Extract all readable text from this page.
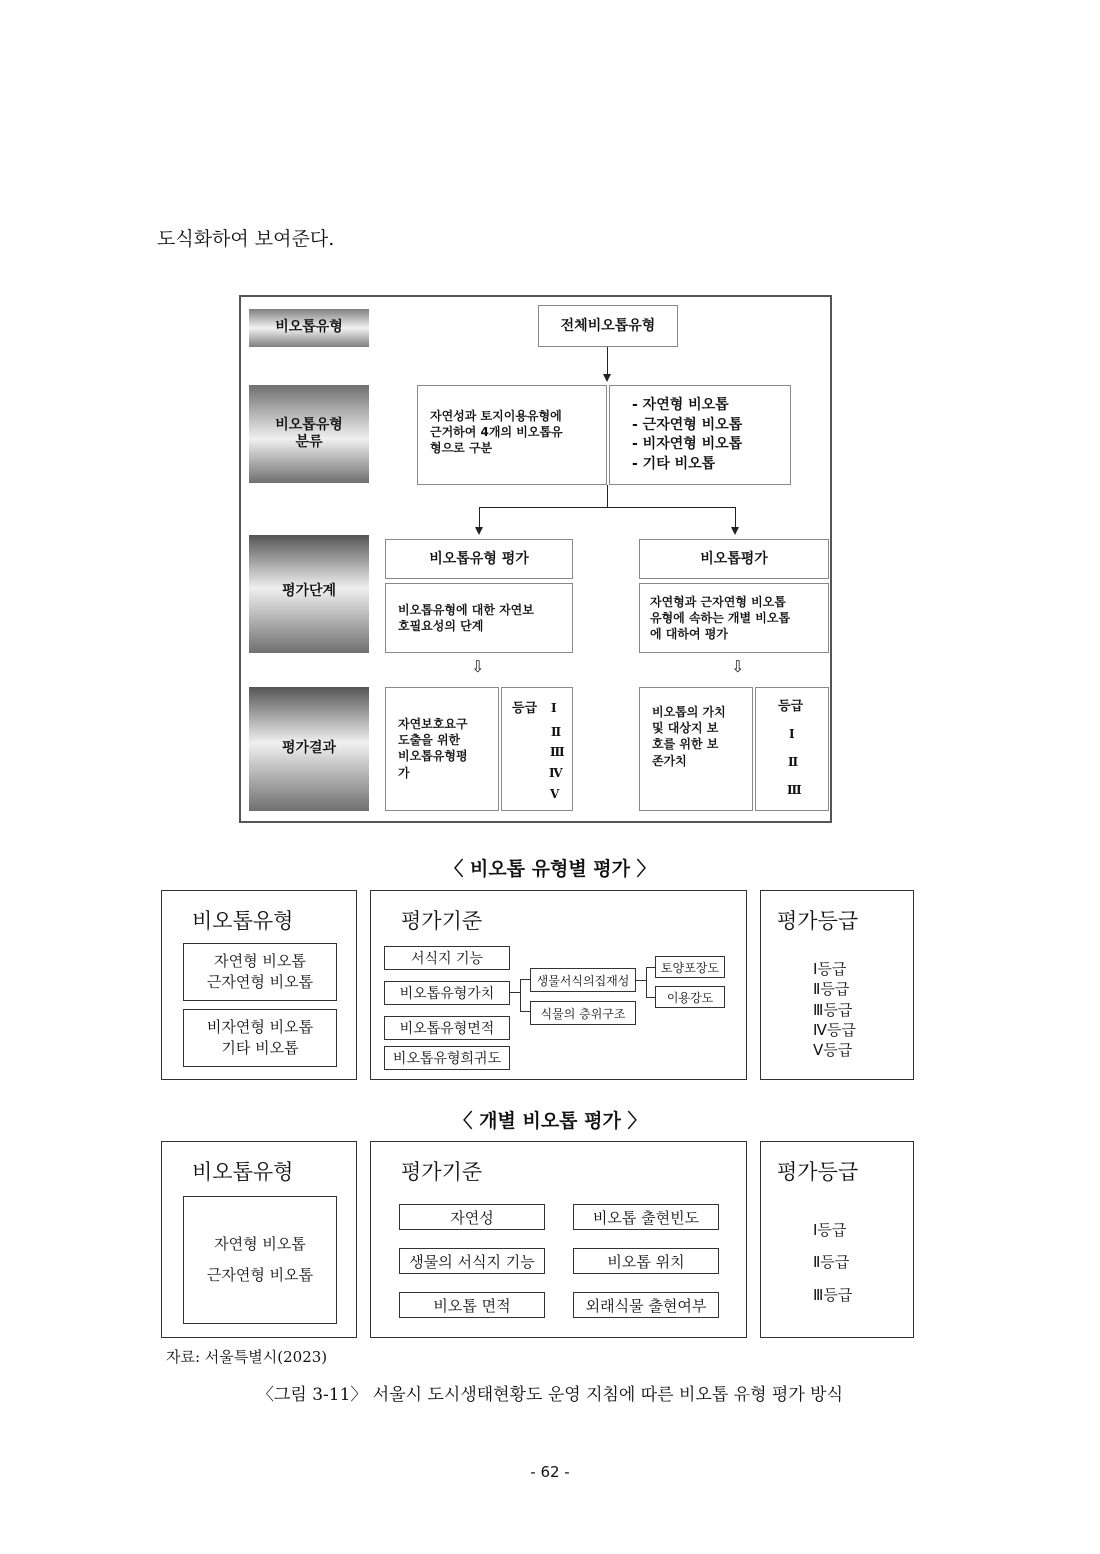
도식화하여 보여준다.
비오톱유형
비오톱유형
분류
평가단계
평가결과
전체비오톱유형
자연성과 토지이용유형에
근거하여 4개의 비오톱유
형으로 구분
- 자연형 비오톱
- 근자연형 비오톱
- 비자연형 비오톱
- 기타 비오톱
비오톱유형 평가
비오톱유형에 대한 자연보
호필요성의 단계
비오톱평가
자연형과 근자연형 비오톱
유형에 속하는 개별 비오톱
에 대하여 평가
⇩	⇩
자연보호요구
도출을 위한
비오톱유형평
가
등급 Ⅰ
Ⅱ
Ⅲ
Ⅳ
Ⅴ
비오톱의 가치
및 대상지 보
호를 위한 보
존가치
등급
Ⅰ
Ⅱ
Ⅲ
〈 비오톱 유형별 평가 〉
비오톱유형
자연형 비오톱
근자연형 비오톱
비자연형 비오톱
기타 비오톱
평가기준
서식지 기능
비오톱유형가치
비오톱유형면적
비오톱유형희귀도
생물서식의집재성
식물의 층위구조
토양포장도
이용강도
평가등급
Ⅰ등급
Ⅱ등급
Ⅲ등급
Ⅳ등급
Ⅴ등급
〈 개별 비오톱 평가 〉
비오톱유형
자연형 비오톱
근자연형 비오톱
평가기준
자연성	비오톱 출현빈도
생물의 서식지 기능	비오톱 위치
비오톱 면적	외래식물 출현여부
평가등급
Ⅰ등급
Ⅱ등급
Ⅲ등급
자료: 서울특별시(2023)
〈그림 3-11〉 서울시 도시생태현황도 운영 지침에 따른 비오톱 유형 평가 방식
- 62 -
